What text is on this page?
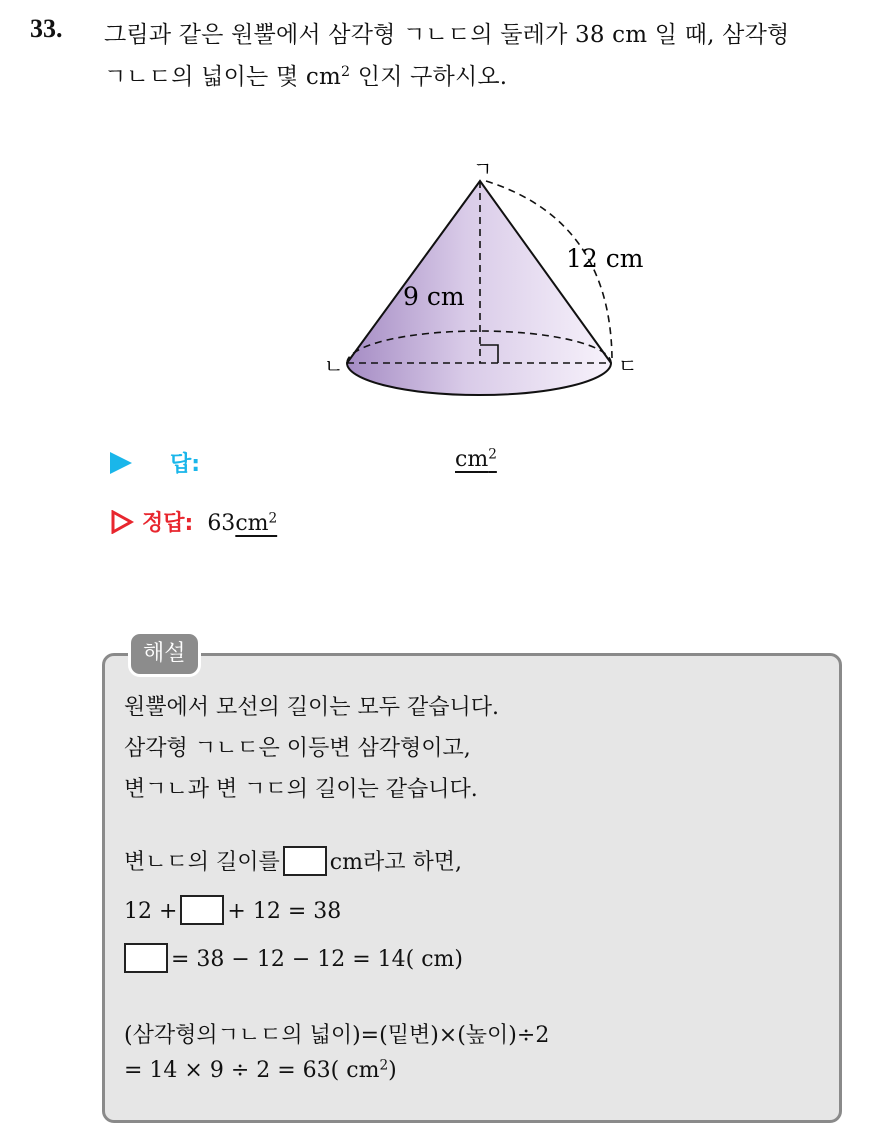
33. 그림과 같은 원뿔에서 삼각형 ㄱㄴㄷ의 둘레가 38 cm 일 때, 삼각형
ㄱㄴㄷ의 넓이는 몇 $cm^2$ 인지 구하시오.
ㄱ
ㄴ	ㄷ
9 cm
12 cm
답:	$cm^2$
정답: $63cm^2$
해설
원뿔에서 모선의 길이는 모두 같습니다.
삼각형 ㄱㄴㄷ은 이등변 삼각형이고,
변ㄱㄴ과 변 ㄱㄷ의 길이는 같습니다.
변ㄴㄷ의 길이를 cm라고 하면,
12 + + 12 = 38
= 38 − 12 − 12 = 14( cm)
(삼각형의ㄱㄴㄷ의 넓이)=(밑변)×(높이)÷2
= 14 × 9 ÷ 2 = 63( $cm^2$)
